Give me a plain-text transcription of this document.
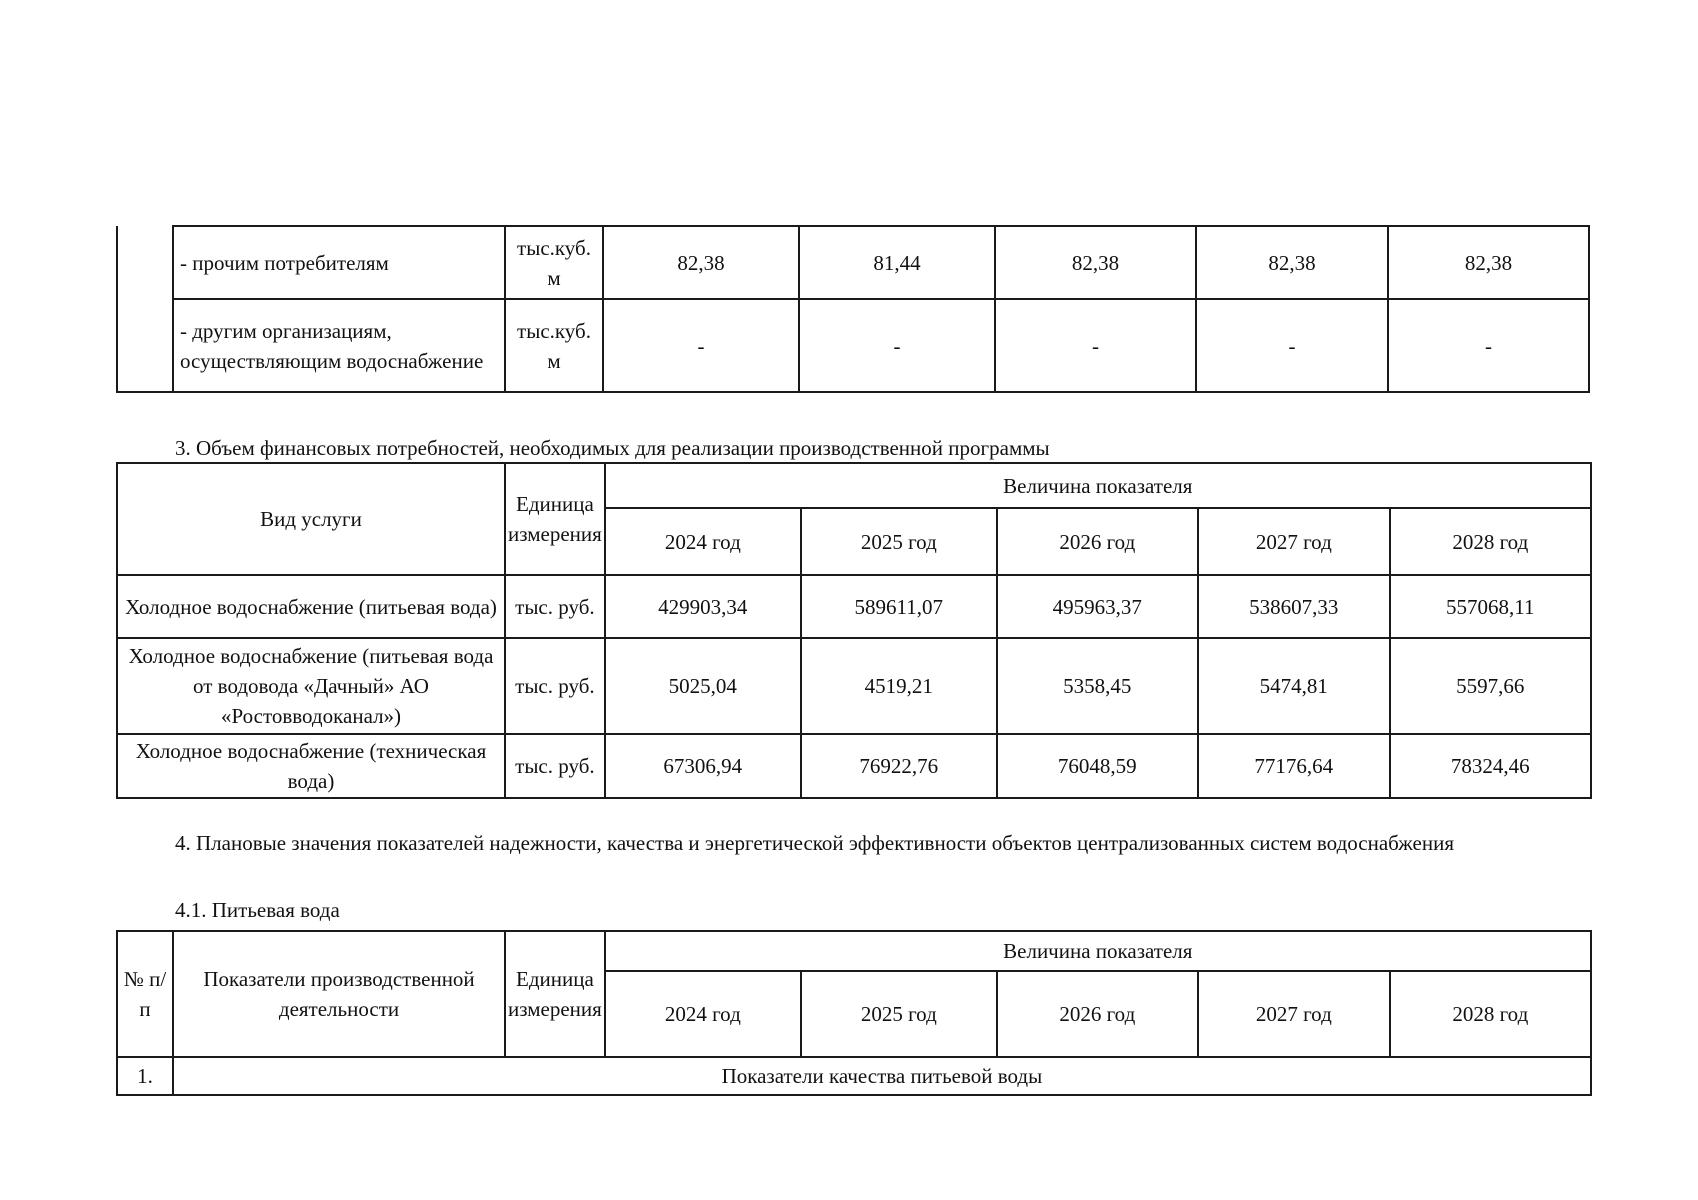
	- прочим потребителям	тыс.куб. м	82,38	81,44	82,38	82,38	82,38
	- другим организациям, осуществляющим водоснабжение	тыс.куб. м	-	-	-	-	-

3. Объем финансовых потребностей, необходимых для реализации производственной программы

Вид услуги	Единица измерения	Величина показателя				
		2024 год	2025 год	2026 год	2027 год	2028 год
Холодное водоснабжение (питьевая вода)	тыс. руб.	429903,34	589611,07	495963,37	538607,33	557068,11
Холодное водоснабжение (питьевая вода от водовода «Дачный» АО «Ростовводоканал»)	тыс. руб.	5025,04	4519,21	5358,45	5474,81	5597,66
Холодное водоснабжение (техническая вода)	тыс. руб.	67306,94	76922,76	76048,59	77176,64	78324,46

4. Плановые значения показателей надежности, качества и энергетической эффективности объектов централизованных систем водоснабжения

4.1. Питьевая вода

№ п/п	Показатели производственной деятельности	Единица измерения	Величина показателя				
			2024 год	2025 год	2026 год	2027 год	2028 год
1.	Показатели качества питьевой воды						
